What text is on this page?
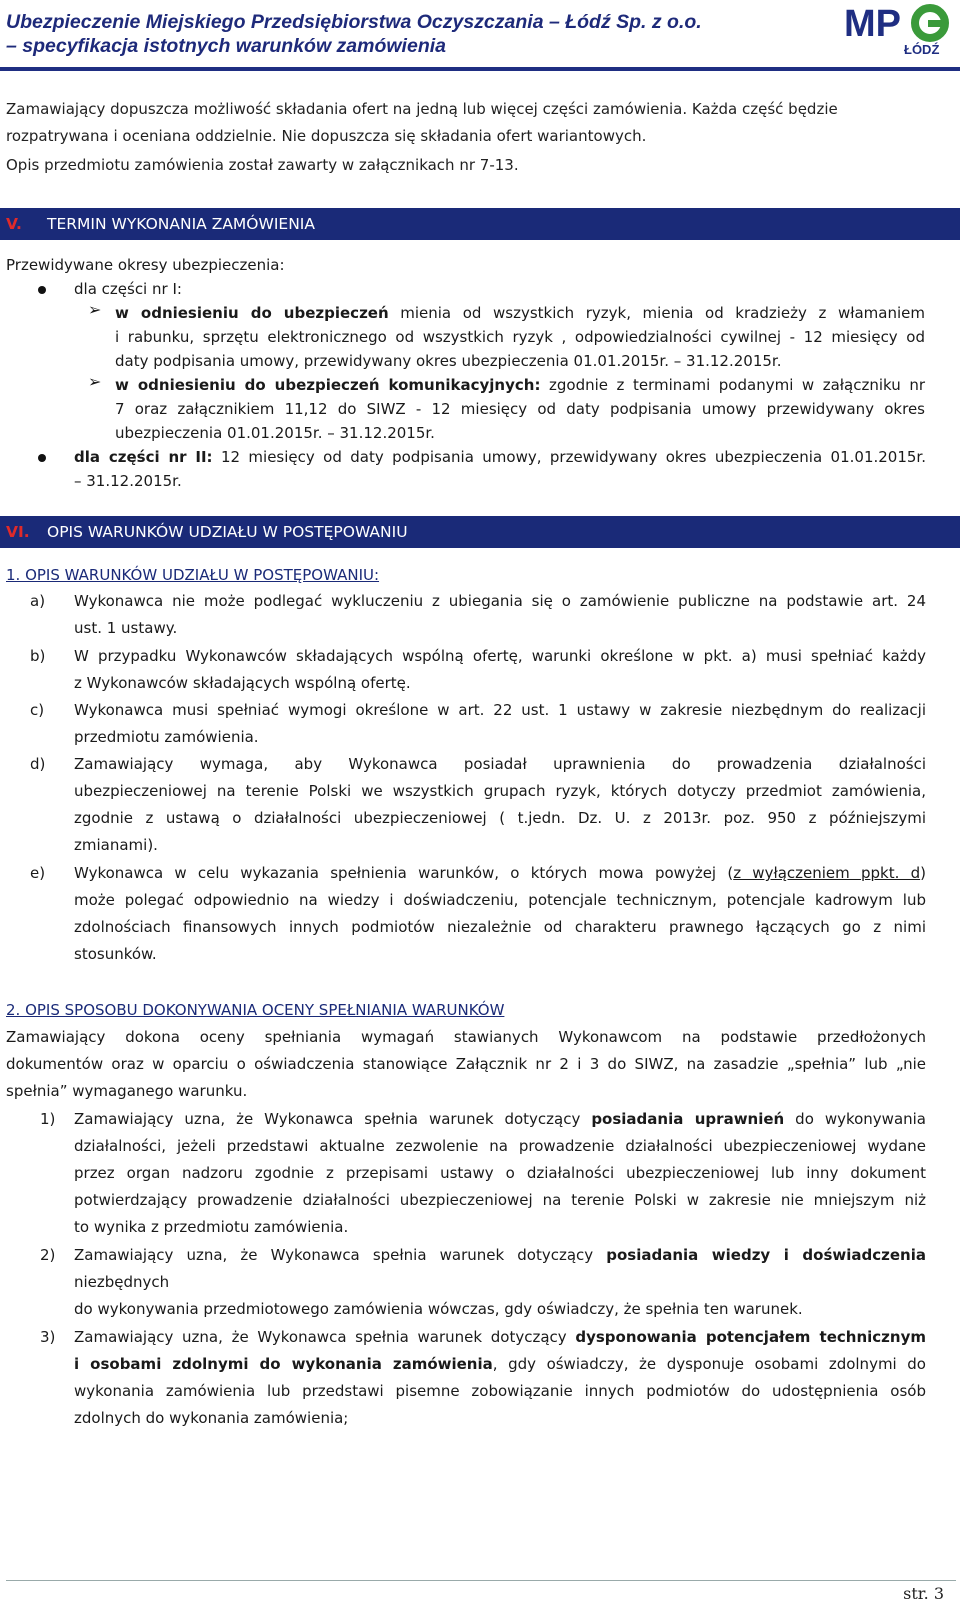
Ubezpieczenie Miejskiego Przedsiębiorstwa Oczyszczania – Łódź Sp. z o.o.
– specyfikacja istotnych warunków zamówienia
MP
ŁÓDŹ
Zamawiający dopuszcza możliwość składania ofert na jedną lub więcej części zamówienia. Każda część będzie
rozpatrywana i oceniana oddzielnie. Nie dopuszcza się składania ofert wariantowych.
Opis przedmiotu zamówienia został zawarty w załącznikach nr 7-13.
V. TERMIN WYKONANIA ZAMÓWIENIA
Przewidywane okresy ubezpieczenia:
dla części nr I:
➢ w odniesieniu do ubezpieczeń mienia od wszystkich ryzyk, mienia od kradzieży z włamaniem
i rabunku, sprzętu elektronicznego od wszystkich ryzyk , odpowiedzialności cywilnej - 12 miesięcy od
daty podpisania umowy, przewidywany okres ubezpieczenia 01.01.2015r. – 31.12.2015r.
➢ w odniesieniu do ubezpieczeń komunikacyjnych: zgodnie z terminami podanymi w załączniku nr
7 oraz załącznikiem 11,12 do SIWZ - 12 miesięcy od daty podpisania umowy przewidywany okres
ubezpieczenia 01.01.2015r. – 31.12.2015r.
dla części nr II: 12 miesięcy od daty podpisania umowy, przewidywany okres ubezpieczenia 01.01.2015r.
– 31.12.2015r.
VI. OPIS WARUNKÓW UDZIAŁU W POSTĘPOWANIU
1. OPIS WARUNKÓW UDZIAŁU W POSTĘPOWANIU:
a) Wykonawca nie może podlegać wykluczeniu z ubiegania się o zamówienie publiczne na podstawie art. 24
ust. 1 ustawy.
b) W przypadku Wykonawców składających wspólną ofertę, warunki określone w pkt. a) musi spełniać każdy
z Wykonawców składających wspólną ofertę.
c) Wykonawca musi spełniać wymogi określone w art. 22 ust. 1 ustawy w zakresie niezbędnym do realizacji
przedmiotu zamówienia.
d) Zamawiający wymaga, aby Wykonawca posiadał uprawnienia do prowadzenia działalności
ubezpieczeniowej na terenie Polski we wszystkich grupach ryzyk, których dotyczy przedmiot zamówienia,
zgodnie z ustawą o działalności ubezpieczeniowej ( t.jedn. Dz. U. z 2013r. poz. 950 z późniejszymi
zmianami).
e) Wykonawca w celu wykazania spełnienia warunków, o których mowa powyżej (z wyłączeniem ppkt. d)
może polegać odpowiednio na wiedzy i doświadczeniu, potencjale technicznym, potencjale kadrowym lub
zdolnościach finansowych innych podmiotów niezależnie od charakteru prawnego łączących go z nimi
stosunków.
2. OPIS SPOSOBU DOKONYWANIA OCENY SPEŁNIANIA WARUNKÓW
Zamawiający dokona oceny spełniania wymagań stawianych Wykonawcom na podstawie przedłożonych
dokumentów oraz w oparciu o oświadczenia stanowiące Załącznik nr 2 i 3 do SIWZ, na zasadzie „spełnia” lub „nie
spełnia” wymaganego warunku.
1) Zamawiający uzna, że Wykonawca spełnia warunek dotyczący posiadania uprawnień do wykonywania
działalności, jeżeli przedstawi aktualne zezwolenie na prowadzenie działalności ubezpieczeniowej wydane
przez organ nadzoru zgodnie z przepisami ustawy o działalności ubezpieczeniowej lub inny dokument
potwierdzający prowadzenie działalności ubezpieczeniowej na terenie Polski w zakresie nie mniejszym niż
to wynika z przedmiotu zamówienia.
2) Zamawiający uzna, że Wykonawca spełnia warunek dotyczący posiadania wiedzy i doświadczenia
niezbędnych
do wykonywania przedmiotowego zamówienia wówczas, gdy oświadczy, że spełnia ten warunek.
3) Zamawiający uzna, że Wykonawca spełnia warunek dotyczący dysponowania potencjałem technicznym
i osobami zdolnymi do wykonania zamówienia, gdy oświadczy, że dysponuje osobami zdolnymi do
wykonania zamówienia lub przedstawi pisemne zobowiązanie innych podmiotów do udostępnienia osób
zdolnych do wykonania zamówienia;
str. 3
